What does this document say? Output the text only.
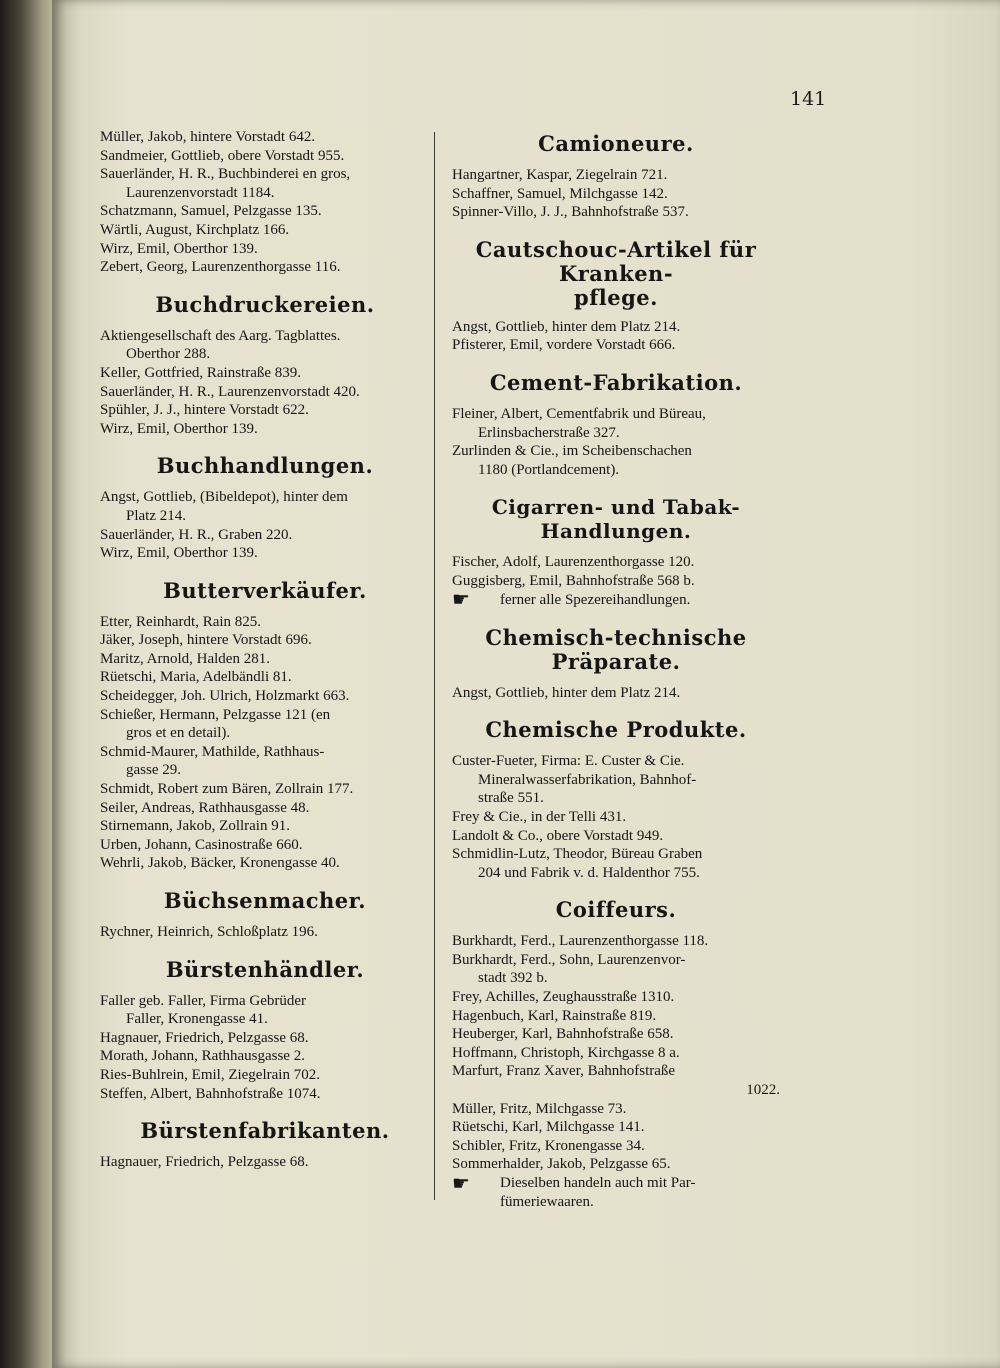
141
Müller, Jakob, hintere Vorstadt 642.
Sandmeier, Gottlieb, obere Vorstadt 955.
Sauerländer, H. R., Buchbinderei en gros,
Laurenzenvorstadt 1184.
Schatzmann, Samuel, Pelzgasse 135.
Wärtli, August, Kirchplatz 166.
Wirz, Emil, Oberthor 139.
Zebert, Georg, Laurenzenthorgasse 116.
Buchdruckereien.
Aktiengesellschaft des Aarg. Tagblattes.
Oberthor 288.
Keller, Gottfried, Rainstraße 839.
Sauerländer, H. R., Laurenzenvorstadt 420.
Spühler, J. J., hintere Vorstadt 622.
Wirz, Emil, Oberthor 139.
Buchhandlungen.
Angst, Gottlieb, (Bibeldepot), hinter dem
Platz 214.
Sauerländer, H. R., Graben 220.
Wirz, Emil, Oberthor 139.
Butterverkäufer.
Etter, Reinhardt, Rain 825.
Jäker, Joseph, hintere Vorstadt 696.
Maritz, Arnold, Halden 281.
Rüetschi, Maria, Adelbändli 81.
Scheidegger, Joh. Ulrich, Holzmarkt 663.
Schießer, Hermann, Pelzgasse 121 (en
gros et en detail).
Schmid-Maurer, Mathilde, Rathhaus-
gasse 29.
Schmidt, Robert zum Bären, Zollrain 177.
Seiler, Andreas, Rathhausgasse 48.
Stirnemann, Jakob, Zollrain 91.
Urben, Johann, Casinostraße 660.
Wehrli, Jakob, Bäcker, Kronengasse 40.
Büchsenmacher.
Rychner, Heinrich, Schloßplatz 196.
Bürstenhändler.
Faller geb. Faller, Firma Gebrüder
Faller, Kronengasse 41.
Hagnauer, Friedrich, Pelzgasse 68.
Morath, Johann, Rathhausgasse 2.
Ries-Buhlrein, Emil, Ziegelrain 702.
Steffen, Albert, Bahnhofstraße 1074.
Bürstenfabrikanten.
Hagnauer, Friedrich, Pelzgasse 68.
Camioneure.
Hangartner, Kaspar, Ziegelrain 721.
Schaffner, Samuel, Milchgasse 142.
Spinner-Villo, J. J., Bahnhofstraße 537.
Cautschouc-Artikel für Kranken-
pflege.
Angst, Gottlieb, hinter dem Platz 214.
Pfisterer, Emil, vordere Vorstadt 666.
Cement-Fabrikation.
Fleiner, Albert, Cementfabrik und Büreau,
Erlinsbacherstraße 327.
Zurlinden & Cie., im Scheibenschachen
1180 (Portlandcement).
Cigarren- und Tabak-Handlungen.
Fischer, Adolf, Laurenzenthorgasse 120.
Guggisberg, Emil, Bahnhofstraße 568 b.
☛ ferner alle Spezereihandlungen.
Chemisch-technische Präparate.
Angst, Gottlieb, hinter dem Platz 214.
Chemische Produkte.
Custer-Fueter, Firma: E. Custer & Cie.
Mineralwasserfabrikation, Bahnhof-
straße 551.
Frey & Cie., in der Telli 431.
Landolt & Co., obere Vorstadt 949.
Schmidlin-Lutz, Theodor, Büreau Graben
204 und Fabrik v. d. Haldenthor 755.
Coiffeurs.
Burkhardt, Ferd., Laurenzenthorgasse 118.
Burkhardt, Ferd., Sohn, Laurenzenvor-
stadt 392 b.
Frey, Achilles, Zeughausstraße 1310.
Hagenbuch, Karl, Rainstraße 819.
Heuberger, Karl, Bahnhofstraße 658.
Hoffmann, Christoph, Kirchgasse 8 a.
Marfurt, Franz Xaver, Bahnhofstraße
1022.
Müller, Fritz, Milchgasse 73.
Rüetschi, Karl, Milchgasse 141.
Schibler, Fritz, Kronengasse 34.
Sommerhalder, Jakob, Pelzgasse 65.
☛ Dieselben handeln auch mit Par-
fümeriewaaren.
